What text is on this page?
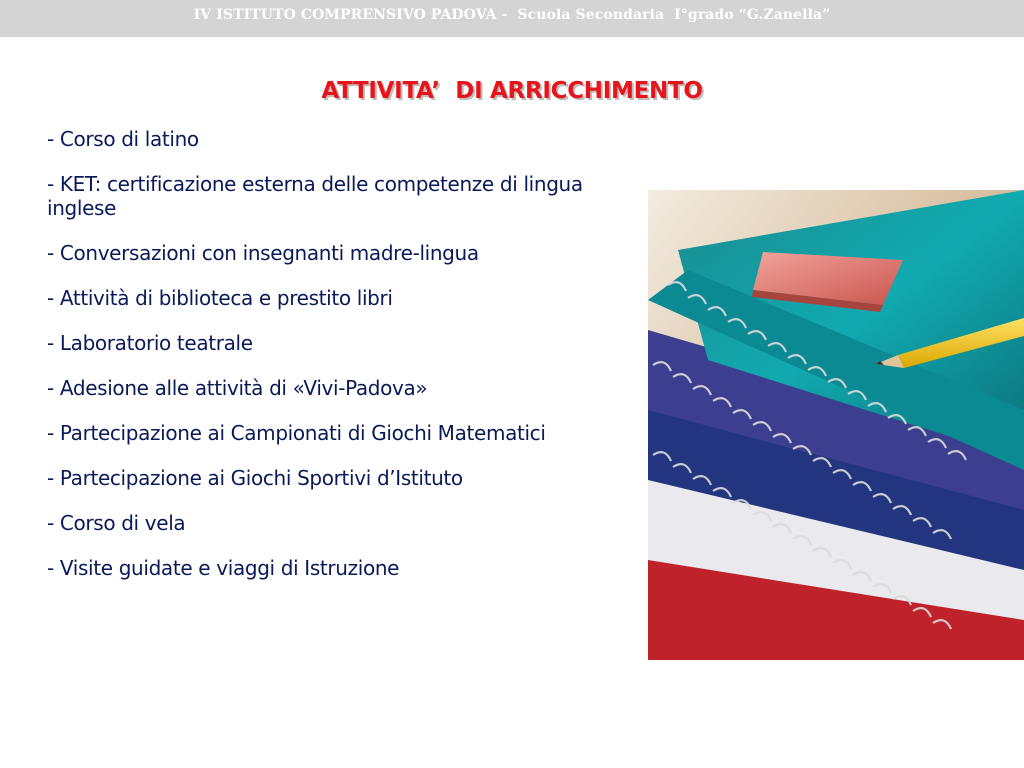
IV ISTITUTO COMPRENSIVO PADOVA -  Scuola Secondaria  I°grado “G.Zanella”
ATTIVITA’  DI ARRICCHIMENTO
- Corso di latino
- KET: certificazione esterna delle competenze di lingua inglese
- Conversazioni con insegnanti madre-lingua
- Attività di biblioteca e prestito libri
- Laboratorio teatrale
- Adesione alle attività di «Vivi-Padova»
- Partecipazione ai Campionati di Giochi Matematici
- Partecipazione ai Giochi Sportivi d’Istituto
- Corso di vela
- Visite guidate e viaggi di Istruzione
